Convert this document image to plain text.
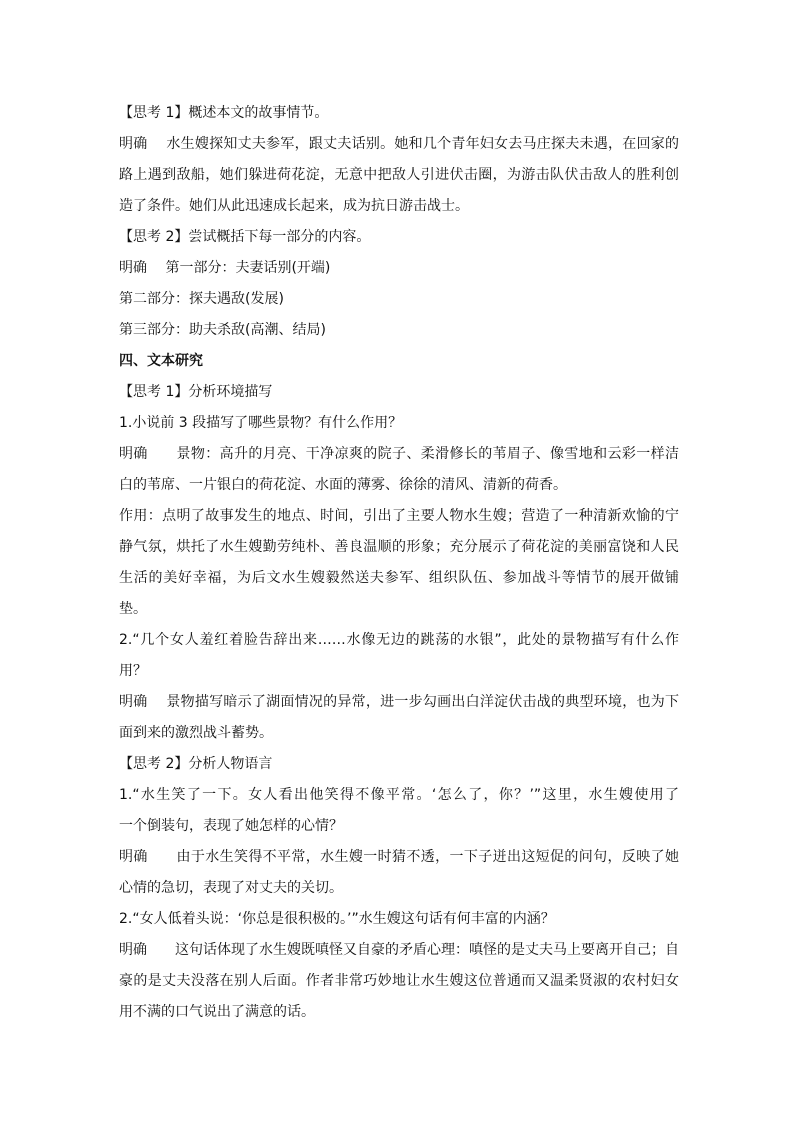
【思考 1】概述本文的故事情节。
明确　 水生嫂探知丈夫参军，跟丈夫话别。她和几个青年妇女去马庄探夫未遇，在回家的
路上遇到敌船，她们躲进荷花淀，无意中把敌人引进伏击圈，为游击队伏击敌人的胜利创
造了条件。她们从此迅速成长起来，成为抗日游击战士。
【思考 2】尝试概括下每一部分的内容。
明确　 第一部分：夫妻话别(开端)
第二部分：探夫遇敌(发展)
第三部分：助夫杀敌(高潮、结局)
四、文本研究
【思考 1】分析环境描写
1.小说前 3 段描写了哪些景物？有什么作用？
明确　　景物：高升的月亮、干净凉爽的院子、柔滑修长的苇眉子、像雪地和云彩一样洁
白的苇席、一片银白的荷花淀、水面的薄雾、徐徐的清风、清新的荷香。
作用：点明了故事发生的地点、时间，引出了主要人物水生嫂；营造了一种清新欢愉的宁
静气氛，烘托了水生嫂勤劳纯朴、善良温顺的形象；充分展示了荷花淀的美丽富饶和人民
生活的美好幸福，为后文水生嫂毅然送夫参军、组织队伍、参加战斗等情节的展开做铺
垫。
2.“几个女人羞红着脸告辞出来……水像无边的跳荡的水银”，此处的景物描写有什么作
用？
明确　 景物描写暗示了湖面情况的异常，进一步勾画出白洋淀伏击战的典型环境，也为下
面到来的激烈战斗蓄势。
【思考 2】分析人物语言
1.“水生笑了一下。女人看出他笑得不像平常。‘怎么了，你？’”这里，水生嫂使用了
一个倒装句，表现了她怎样的心情？
明确　　由于水生笑得不平常，水生嫂一时猜不透，一下子迸出这短促的问句，反映了她
心情的急切，表现了对丈夫的关切。
2.“女人低着头说：‘你总是很积极的。’”水生嫂这句话有何丰富的内涵？
明确　　这句话体现了水生嫂既嗔怪又自豪的矛盾心理：嗔怪的是丈夫马上要离开自己；自
豪的是丈夫没落在别人后面。作者非常巧妙地让水生嫂这位普通而又温柔贤淑的农村妇女
用不满的口气说出了满意的话。
